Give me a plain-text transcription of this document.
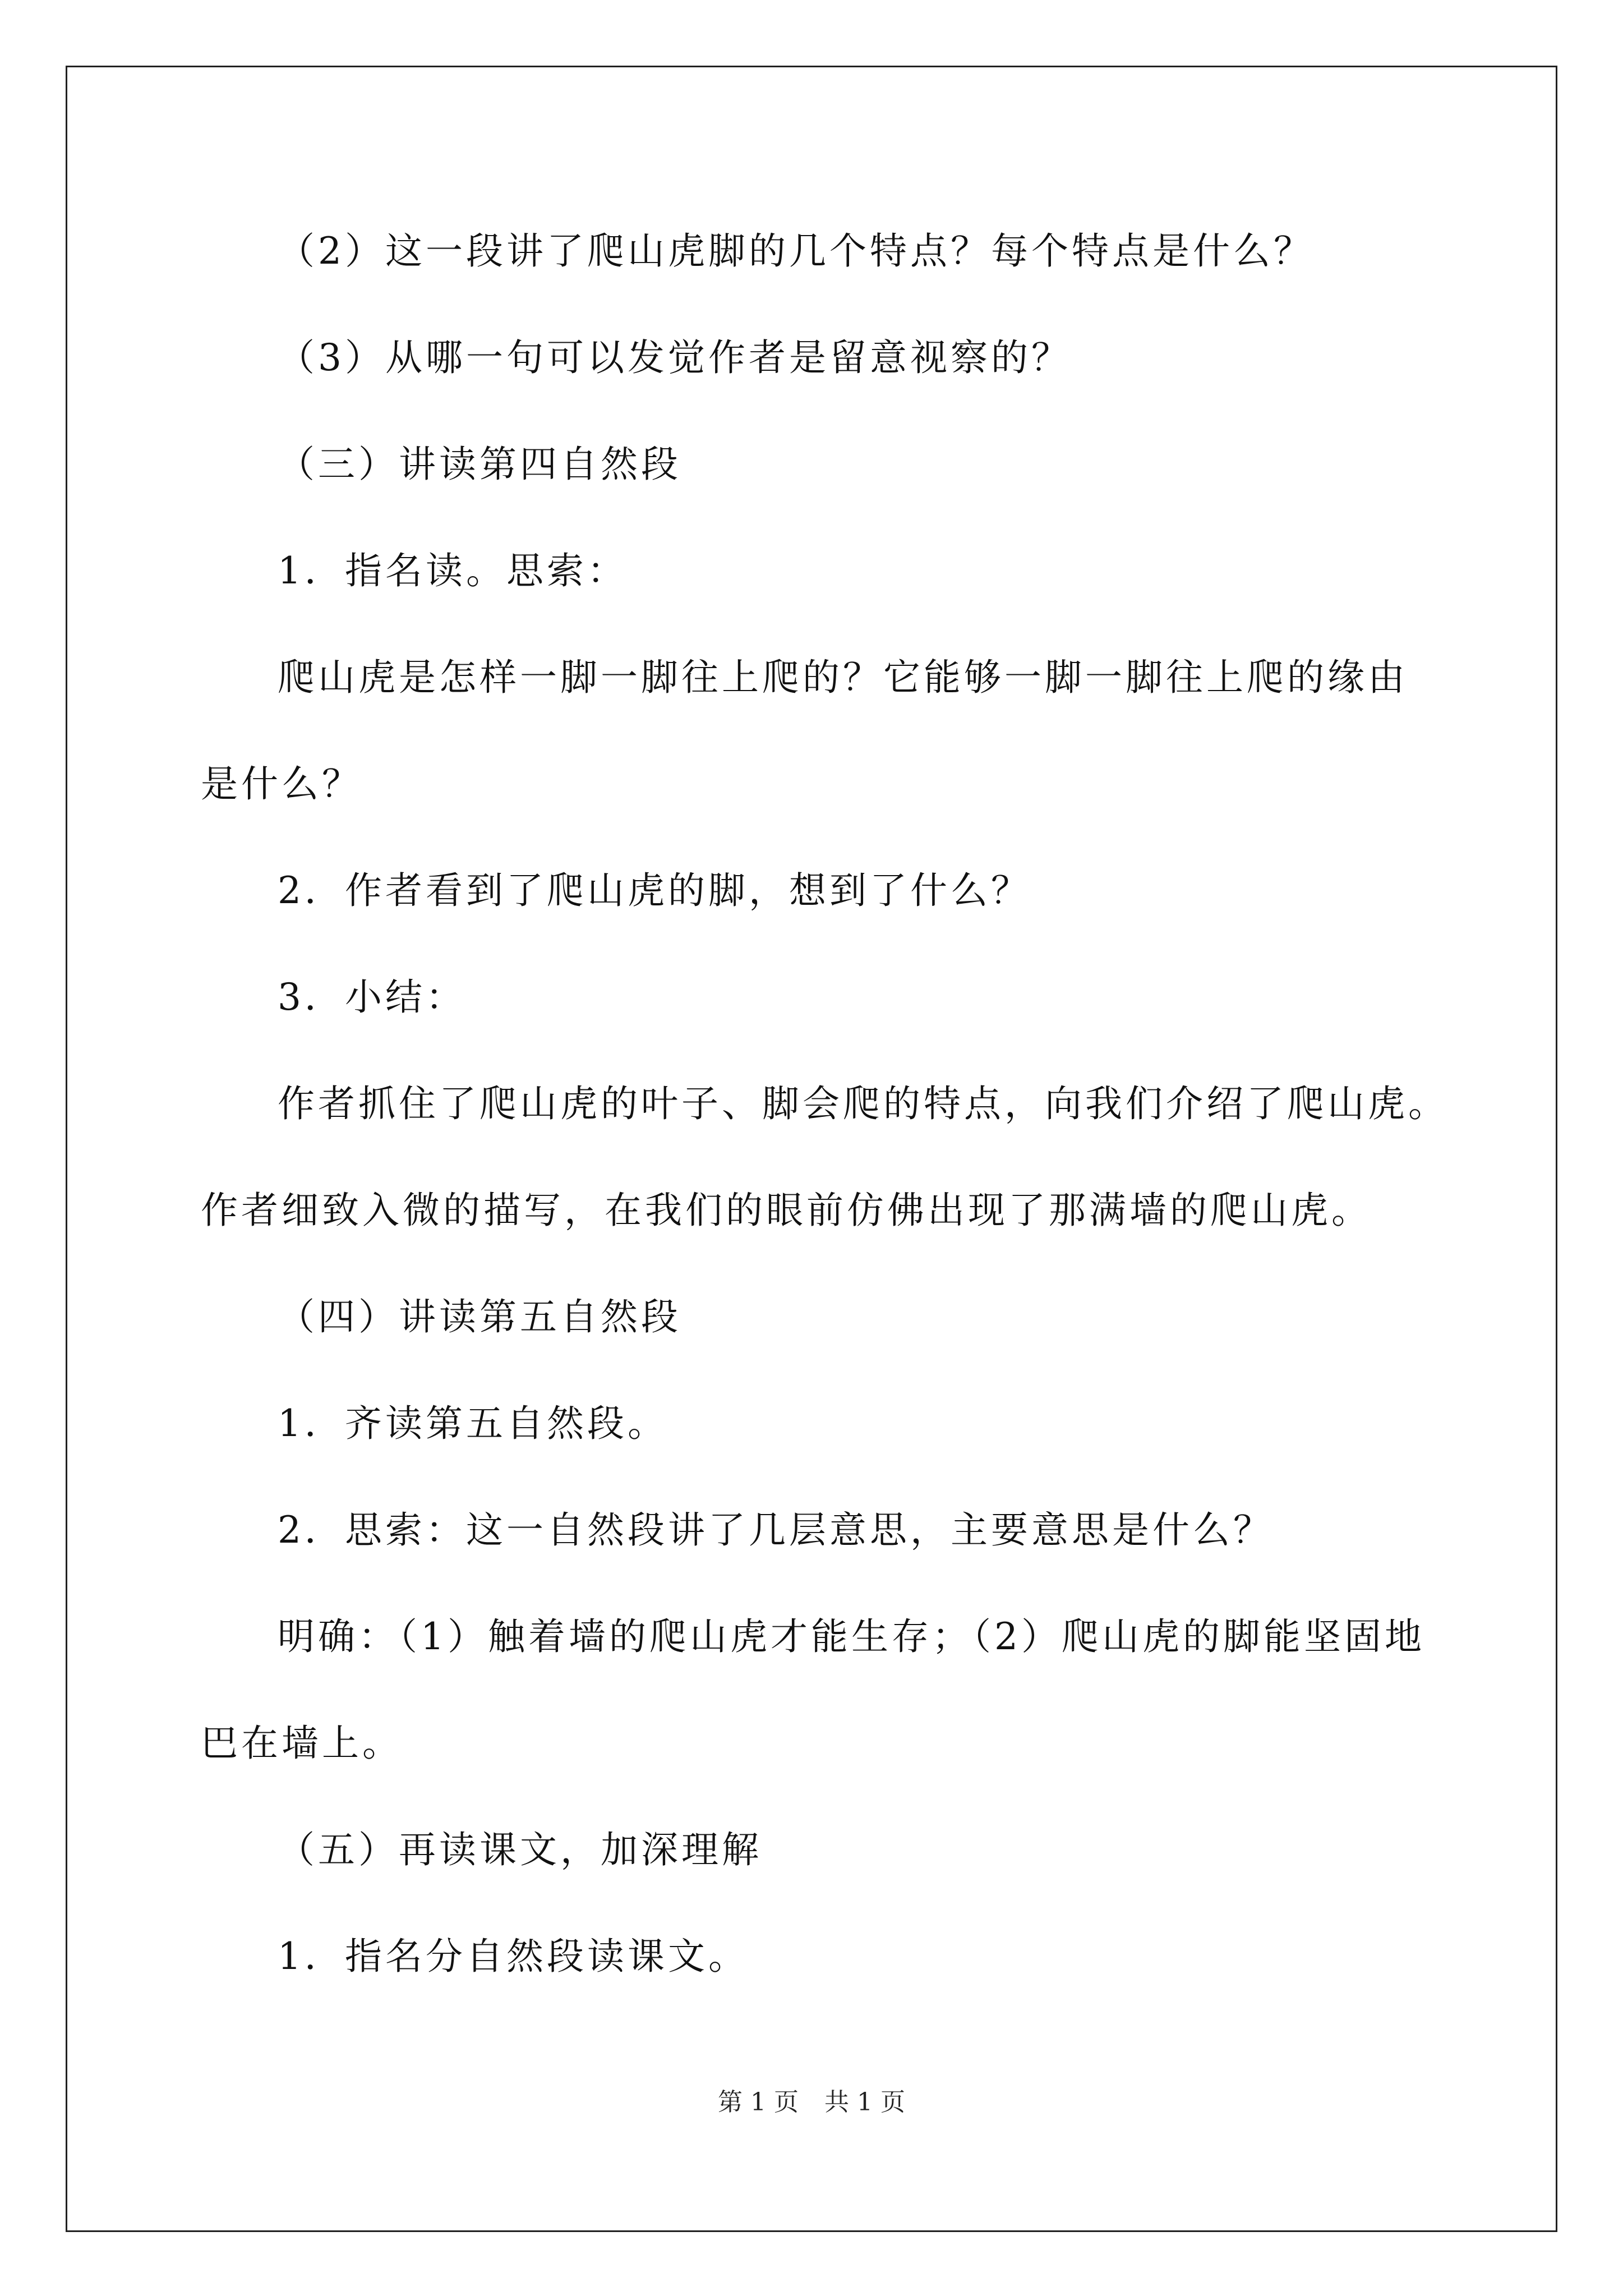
（2）这一段讲了爬山虎脚的几个特点？每个特点是什么？
（3）从哪一句可以发觉作者是留意视察的？
（三）讲读第四自然段
1．指名读。思索：
爬山虎是怎样一脚一脚往上爬的？它能够一脚一脚往上爬的缘由
是什么？
2．作者看到了爬山虎的脚，想到了什么？
3．小结：
作者抓住了爬山虎的叶子、脚会爬的特点，向我们介绍了爬山虎。
作者细致入微的描写，在我们的眼前仿佛出现了那满墙的爬山虎。
（四）讲读第五自然段
1．齐读第五自然段。
2．思索：这一自然段讲了几层意思，主要意思是什么？
明确：（1）触着墙的爬山虎才能生存；（2）爬山虎的脚能坚固地
巴在墙上。
（五）再读课文，加深理解
1．指名分自然段读课文。
第 1 页 共 1 页
